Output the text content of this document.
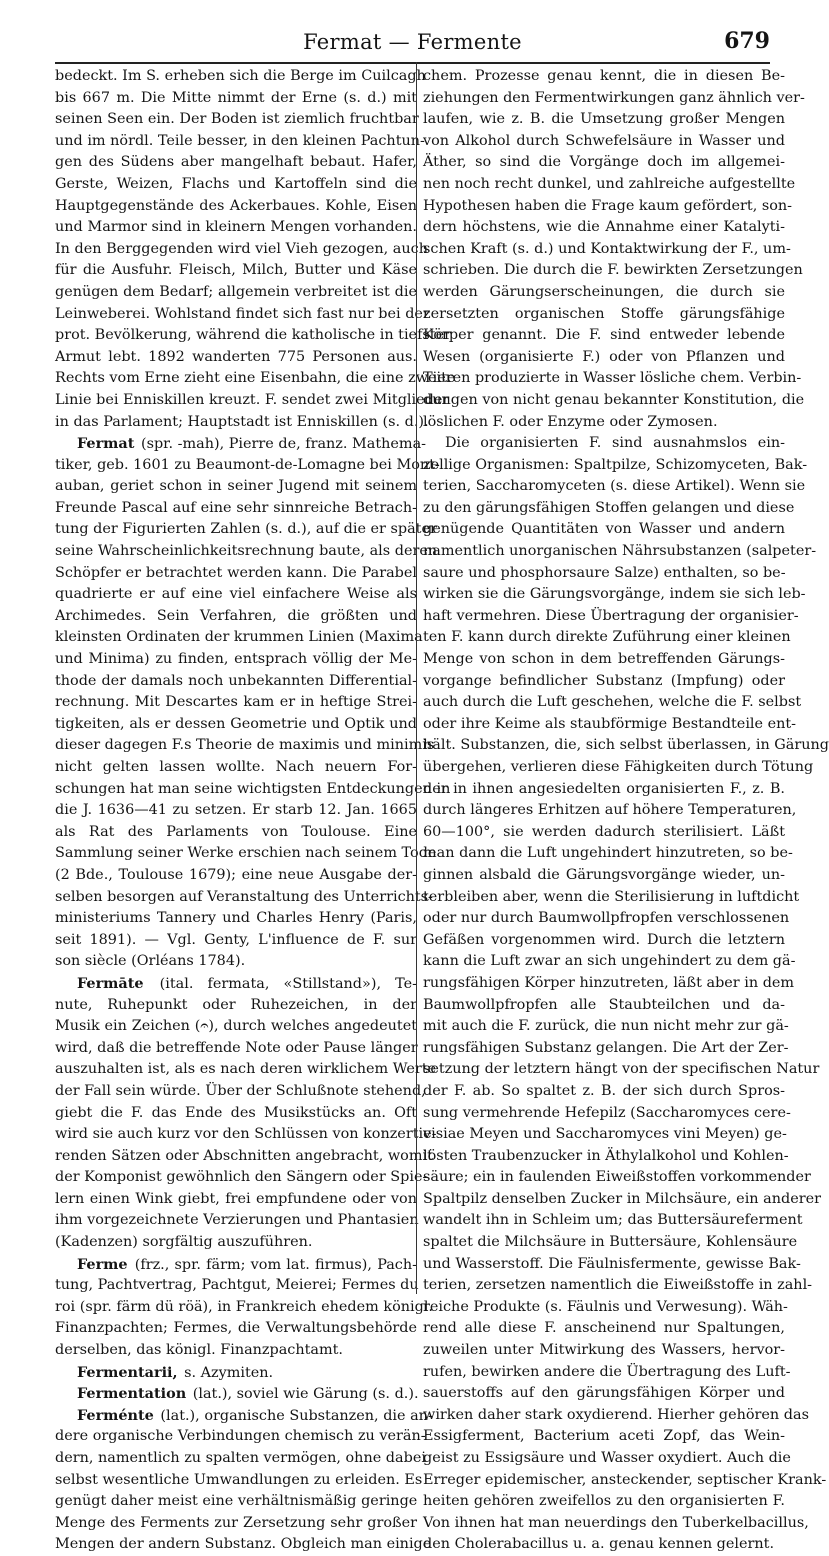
Fermat — Fermente	679
bedeckt. Im S. erheben sich die Berge im Cuilcagh
bis 667 m. Die Mitte nimmt der Erne (s. d.) mit
seinen Seen ein. Der Boden ist ziemlich fruchtbar
und im nördl. Teile besser, in den kleinen Pachtun-
gen des Südens aber mangelhaft bebaut. Hafer,
Gerste, Weizen, Flachs und Kartoffeln sind die
Hauptgegenstände des Ackerbaues. Kohle, Eisen
und Marmor sind in kleinern Mengen vorhanden.
In den Berggegenden wird viel Vieh gezogen, auch
für die Ausfuhr. Fleisch, Milch, Butter und Käse
genügen dem Bedarf; allgemein verbreitet ist die
Leinweberei. Wohlstand findet sich fast nur bei der
prot. Bevölkerung, während die katholische in tiefster
Armut lebt. 1892 wanderten 775 Personen aus.
Rechts vom Erne zieht eine Eisenbahn, die eine zweite
Linie bei Enniskillen kreuzt. F. sendet zwei Mitglieder
in das Parlament; Hauptstadt ist Enniskillen (s. d.).
Fermat (spr. -mah), Pierre de, franz. Mathema-
tiker, geb. 1601 zu Beaumont-de-Lomagne bei Mont-
auban, geriet schon in seiner Jugend mit seinem
Freunde Pascal auf eine sehr sinnreiche Betrach-
tung der Figurierten Zahlen (s. d.), auf die er später
seine Wahrscheinlichkeitsrechnung baute, als deren
Schöpfer er betrachtet werden kann. Die Parabel
quadrierte er auf eine viel einfachere Weise als
Archimedes. Sein Verfahren, die größten und
kleinsten Ordinaten der krummen Linien (Maxima
und Minima) zu finden, entsprach völlig der Me-
thode der damals noch unbekannten Differential-
rechnung. Mit Descartes kam er in heftige Strei-
tigkeiten, als er dessen Geometrie und Optik und
dieser dagegen F.s Theorie de maximis und minimis
nicht gelten lassen wollte. Nach neuern For-
schungen hat man seine wichtigsten Entdeckungen in
die J. 1636—41 zu setzen. Er starb 12. Jan. 1665
als Rat des Parlaments von Toulouse. Eine
Sammlung seiner Werke erschien nach seinem Tode
(2 Bde., Toulouse 1679); eine neue Ausgabe der-
selben besorgen auf Veranstaltung des Unterrichts-
ministeriums Tannery und Charles Henry (Paris,
seit 1891). — Vgl. Genty, L'influence de F. sur
son siècle (Orléans 1784).
Fermāte (ital. fermata, «Stillstand»), Te-
nute, Ruhepunkt oder Ruhezeichen, in der
Musik ein Zeichen (𝄐), durch welches angedeutet
wird, daß die betreffende Note oder Pause länger
auszuhalten ist, als es nach deren wirklichem Werte
der Fall sein würde. Über der Schlußnote stehend,
giebt die F. das Ende des Musikstücks an. Oft
wird sie auch kurz vor den Schlüssen von konzertie-
renden Sätzen oder Abschnitten angebracht, womit
der Komponist gewöhnlich den Sängern oder Spie-
lern einen Wink giebt, frei empfundene oder von
ihm vorgezeichnete Verzierungen und Phantasien
(Kadenzen) sorgfältig auszuführen.
Ferme (frz., spr. färm; vom lat. firmus), Pach-
tung, Pachtvertrag, Pachtgut, Meierei; Fermes du
roi (spr. färm dü röä), in Frankreich ehedem königl.
Finanzpachten; Fermes, die Verwaltungsbehörde
derselben, das königl. Finanzpachtamt.
Fermentarii, s. Azymiten.
Fermentation (lat.), soviel wie Gärung (s. d.).
Ferménte (lat.), organische Substanzen, die an-
dere organische Verbindungen chemisch zu verän-
dern, namentlich zu spalten vermögen, ohne dabei
selbst wesentliche Umwandlungen zu erleiden. Es
genügt daher meist eine verhältnismäßig geringe
Menge des Ferments zur Zersetzung sehr großer
Mengen der andern Substanz. Obgleich man einige
chem. Prozesse genau kennt, die in diesen Be-
ziehungen den Fermentwirkungen ganz ähnlich ver-
laufen, wie z. B. die Umsetzung großer Mengen
von Alkohol durch Schwefelsäure in Wasser und
Äther, so sind die Vorgänge doch im allgemei-
nen noch recht dunkel, und zahlreiche aufgestellte
Hypothesen haben die Frage kaum gefördert, son-
dern höchstens, wie die Annahme einer Katalyti-
schen Kraft (s. d.) und Kontaktwirkung der F., um-
schrieben. Die durch die F. bewirkten Zersetzungen
werden Gärungserscheinungen, die durch sie
zersetzten organischen Stoffe gärungsfähige
Körper genannt. Die F. sind entweder lebende
Wesen (organisierte F.) oder von Pflanzen und
Tieren produzierte in Wasser lösliche chem. Verbin-
dungen von nicht genau bekannter Konstitution, die
löslichen F. oder Enzyme oder Zymosen.
Die organisierten F. sind ausnahmslos ein-
zellige Organismen: Spaltpilze, Schizomyceten, Bak-
terien, Saccharomyceten (s. diese Artikel). Wenn sie
zu den gärungsfähigen Stoffen gelangen und diese
genügende Quantitäten von Wasser und andern
namentlich unorganischen Nährsubstanzen (salpeter-
saure und phosphorsaure Salze) enthalten, so be-
wirken sie die Gärungsvorgänge, indem sie sich leb-
haft vermehren. Diese Übertragung der organisier-
ten F. kann durch direkte Zuführung einer kleinen
Menge von schon in dem betreffenden Gärungs-
vorgange befindlicher Substanz (Impfung) oder
auch durch die Luft geschehen, welche die F. selbst
oder ihre Keime als staubförmige Bestandteile ent-
hält. Substanzen, die, sich selbst überlassen, in Gärung
übergehen, verlieren diese Fähigkeiten durch Tötung
der in ihnen angesiedelten organisierten F., z. B.
durch längeres Erhitzen auf höhere Temperaturen,
60—100°, sie werden dadurch sterilisiert. Läßt
man dann die Luft ungehindert hinzutreten, so be-
ginnen alsbald die Gärungsvorgänge wieder, un-
terbleiben aber, wenn die Sterilisierung in luftdicht
oder nur durch Baumwollpfropfen verschlossenen
Gefäßen vorgenommen wird. Durch die letztern
kann die Luft zwar an sich ungehindert zu dem gä-
rungsfähigen Körper hinzutreten, läßt aber in dem
Baumwollpfropfen alle Staubteilchen und da-
mit auch die F. zurück, die nun nicht mehr zur gä-
rungsfähigen Substanz gelangen. Die Art der Zer-
setzung der letztern hängt von der specifischen Natur
der F. ab. So spaltet z. B. der sich durch Spros-
sung vermehrende Hefepilz (Saccharomyces cere-
visiae Meyen und Saccharomyces vini Meyen) ge-
lösten Traubenzucker in Äthylalkohol und Kohlen-
säure; ein in faulenden Eiweißstoffen vorkommender
Spaltpilz denselben Zucker in Milchsäure, ein anderer
wandelt ihn in Schleim um; das Buttersäureferment
spaltet die Milchsäure in Buttersäure, Kohlensäure
und Wasserstoff. Die Fäulnisfermente, gewisse Bak-
terien, zersetzen namentlich die Eiweißstoffe in zahl-
reiche Produkte (s. Fäulnis und Verwesung). Wäh-
rend alle diese F. anscheinend nur Spaltungen,
zuweilen unter Mitwirkung des Wassers, hervor-
rufen, bewirken andere die Übertragung des Luft-
sauerstoffs auf den gärungsfähigen Körper und
wirken daher stark oxydierend. Hierher gehören das
Essigferment, Bacterium aceti Zopf, das Wein-
geist zu Essigsäure und Wasser oxydiert. Auch die
Erreger epidemischer, ansteckender, septischer Krank-
heiten gehören zweifellos zu den organisierten F.
Von ihnen hat man neuerdings den Tuberkelbacillus,
den Cholerabacillus u. a. genau kennen gelernt.
